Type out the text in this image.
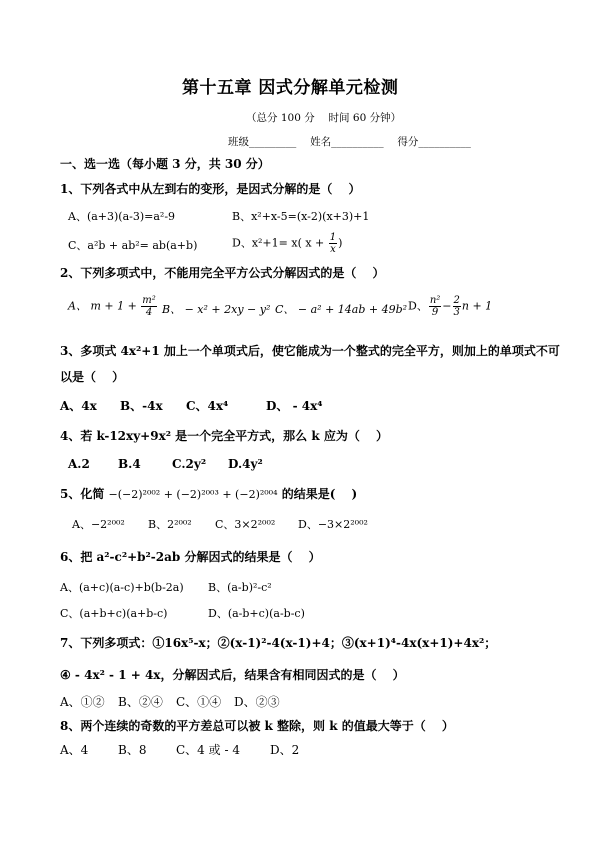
第十五章 因式分解单元检测
（总分 100 分　 时间 60 分钟）
班级_________　 姓名__________　 得分__________
一、选一选（每小题 3 分，共 30 分）
1、下列各式中从左到右的变形，是因式分解的是（　 ）
A、(a+3)(a-3)=a²-9	B、x²+x-5=(x-2)(x+3)+1
C、a²b + ab²= ab(a+b)	D、x²+1= x( $x + \frac{1}{x}$ )
2、下列多项式中，不能用完全平方公式分解因式的是（　 ）
A、 $m + 1 + \frac{\text{m²}}{4}$ B、 − x² + 2xy − y² C、 − a² + 14ab + 49b² D、 $\frac{\text{n²}}{9} - \frac{2}{3}$ n + 1
3、多项式 4x²+1 加上一个单项式后，使它能成为一个整式的完全平方，则加上的单项式不可
以是（　 ）
A、4x B、-4x C、4x⁴	D、 - 4x⁴
4、若 k-12xy+9x² 是一个完全平方式，那么 k 应为（　 ）
A.2 B.4	C.2y² D.4y²
5、化简 −(−2)²⁰⁰² + (−2)²⁰⁰³ + (−2)²⁰⁰⁴ 的结果是(　 )
A、−2²⁰⁰² B、2²⁰⁰² C、3×2²⁰⁰² D、−3×2²⁰⁰²
6、把 a²-c²+b²-2ab 分解因式的结果是（　 ）
A、(a+c)(a-c)+b(b-2a) B、(a-b)²-c²
C、(a+b+c)(a+b-c)	D、(a-b+c)(a-b-c)
7、下列多项式：①16x⁵-x；②(x-1)²-4(x-1)+4；③(x+1)⁴-4x(x+1)+4x²；
④ - 4x² - 1 + 4x，分解因式后，结果含有相同因式的是（　 ）
A、①② B、②④ C、①④ D、②③
8、两个连续的奇数的平方差总可以被 k 整除，则 k 的值最大等于（　 ）
A、4 B、8 C、4 或 - 4	D、2
